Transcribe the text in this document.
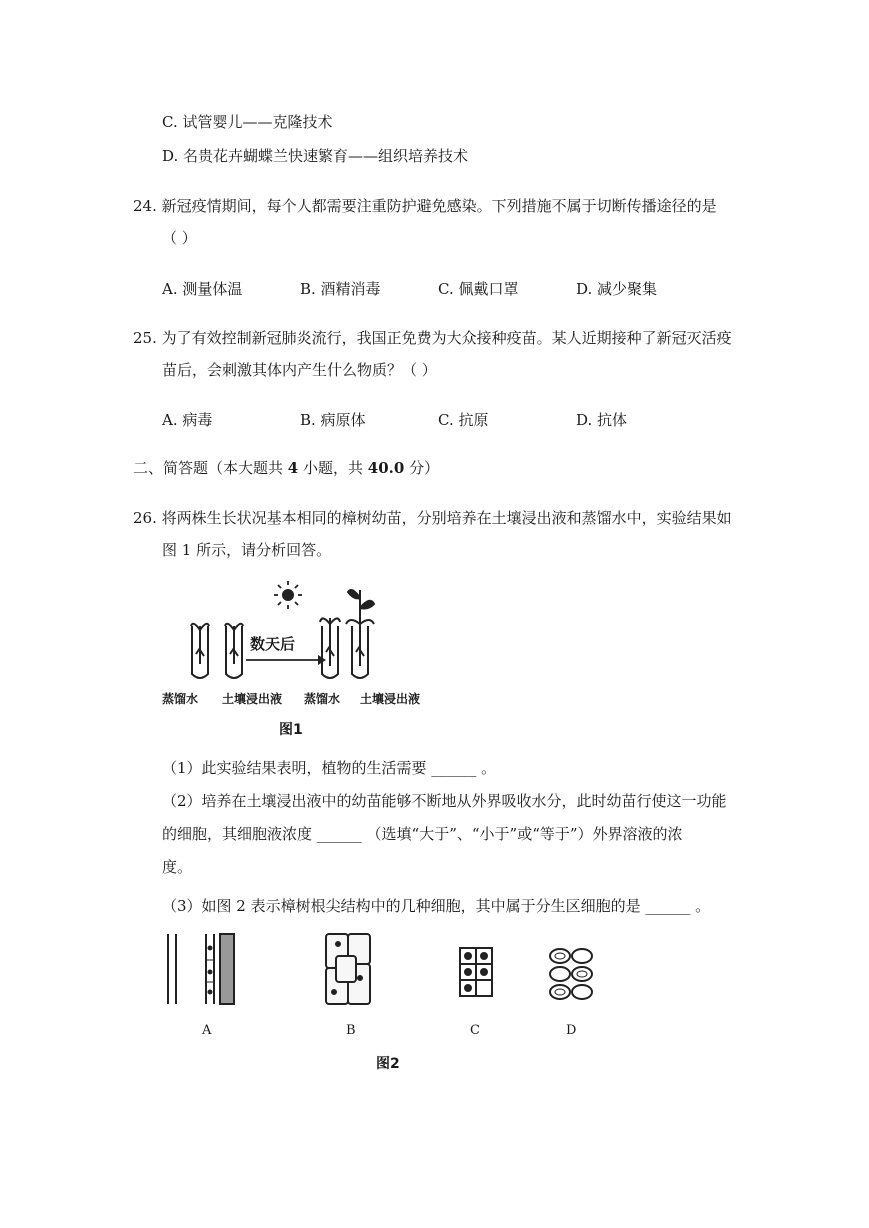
C. 试管婴儿——克隆技术
D. 名贵花卉蝴蝶兰快速繁育——组织培养技术
24. 新冠疫情期间，每个人都需要注重防护避免感染。下列措施不属于切断传播途径的是
（ ）
A. 测量体温	B. 酒精消毒	C. 佩戴口罩	D. 减少聚集
25. 为了有效控制新冠肺炎流行，我国正免费为大众接种疫苗。某人近期接种了新冠灭活疫
苗后，会刺激其体内产生什么物质？（ ）
A. 病毒	B. 病原体	C. 抗原	D. 抗体
二、简答题（本大题共 4 小题，共 40.0 分）
26. 将两株生长状况基本相同的樟树幼苗，分别培养在土壤浸出液和蒸馏水中，实验结果如
图 1 所示，请分析回答。
数天后
蒸馏水 土壤浸出液 蒸馏水 土壤浸出液
图1
（1）此实验结果表明，植物的生活需要 ______ 。
（2）培养在土壤浸出液中的幼苗能够不断地从外界吸收水分，此时幼苗行使这一功能
的细胞，其细胞液浓度 ______ （选填“大于”、“小于”或“等于”）外界溶液的浓
度。
（3）如图 2 表示樟树根尖结构中的几种细胞，其中属于分生区细胞的是 ______ 。
A	B	C	D
图2
